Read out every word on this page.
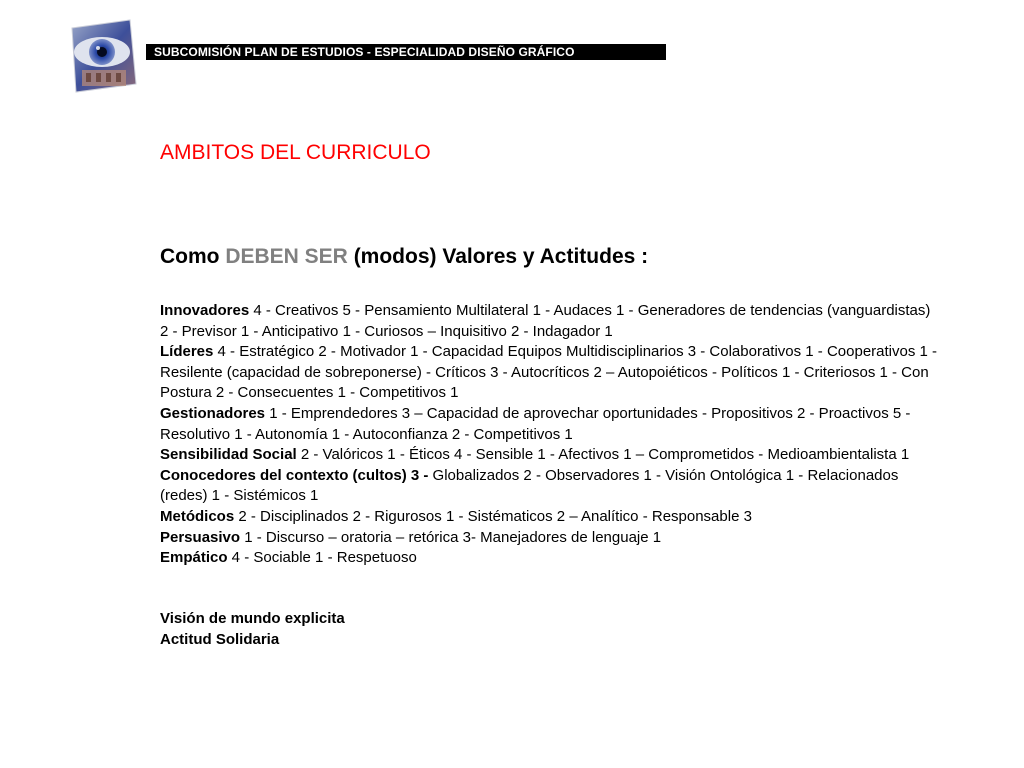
SUBCOMISIÓN PLAN DE ESTUDIOS - ESPECIALIDAD DISEÑO GRÁFICO
AMBITOS DEL CURRICULO
Como DEBEN SER (modos) Valores y Actitudes :

Innovadores 4 - Creativos 5 - Pensamiento Multilateral 1 - Audaces 1 - Generadores de tendencias (vanguardistas) 2 - Previsor 1 - Anticipativo 1 - Curiosos – Inquisitivo 2 - Indagador 1

Líderes 4 - Estratégico 2 - Motivador 1 - Capacidad Equipos Multidisciplinarios 3 - Colaborativos 1 - Cooperativos 1 - Resilente (capacidad de sobreponerse) - Críticos 3 - Autocríticos 2 – Autopoiéticos - Políticos 1 - Criteriosos 1 - Con Postura 2 - Consecuentes 1 - Competitivos 1

Gestionadores 1 - Emprendedores 3 – Capacidad de aprovechar oportunidades - Propositivos 2 - Proactivos 5 - Resolutivo 1 - Autonomía 1 - Autoconfianza 2 - Competitivos 1

Sensibilidad Social 2 - Valóricos 1 - Éticos 4 - Sensible 1 - Afectivos 1 – Comprometidos - Medioambientalista 1

Conocedores del contexto (cultos) 3 - Globalizados 2 - Observadores 1 - Visión Ontológica 1 - Relacionados (redes) 1 - Sistémicos 1

Metódicos 2 - Disciplinados 2 - Rigurosos 1 - Sistématicos 2 – Analítico - Responsable 3

Persuasivo 1 - Discurso – oratoria – retórica 3- Manejadores de lenguaje 1

Empático 4 - Sociable 1 - Respetuoso

Visión de mundo explicita
Actitud Solidaria
